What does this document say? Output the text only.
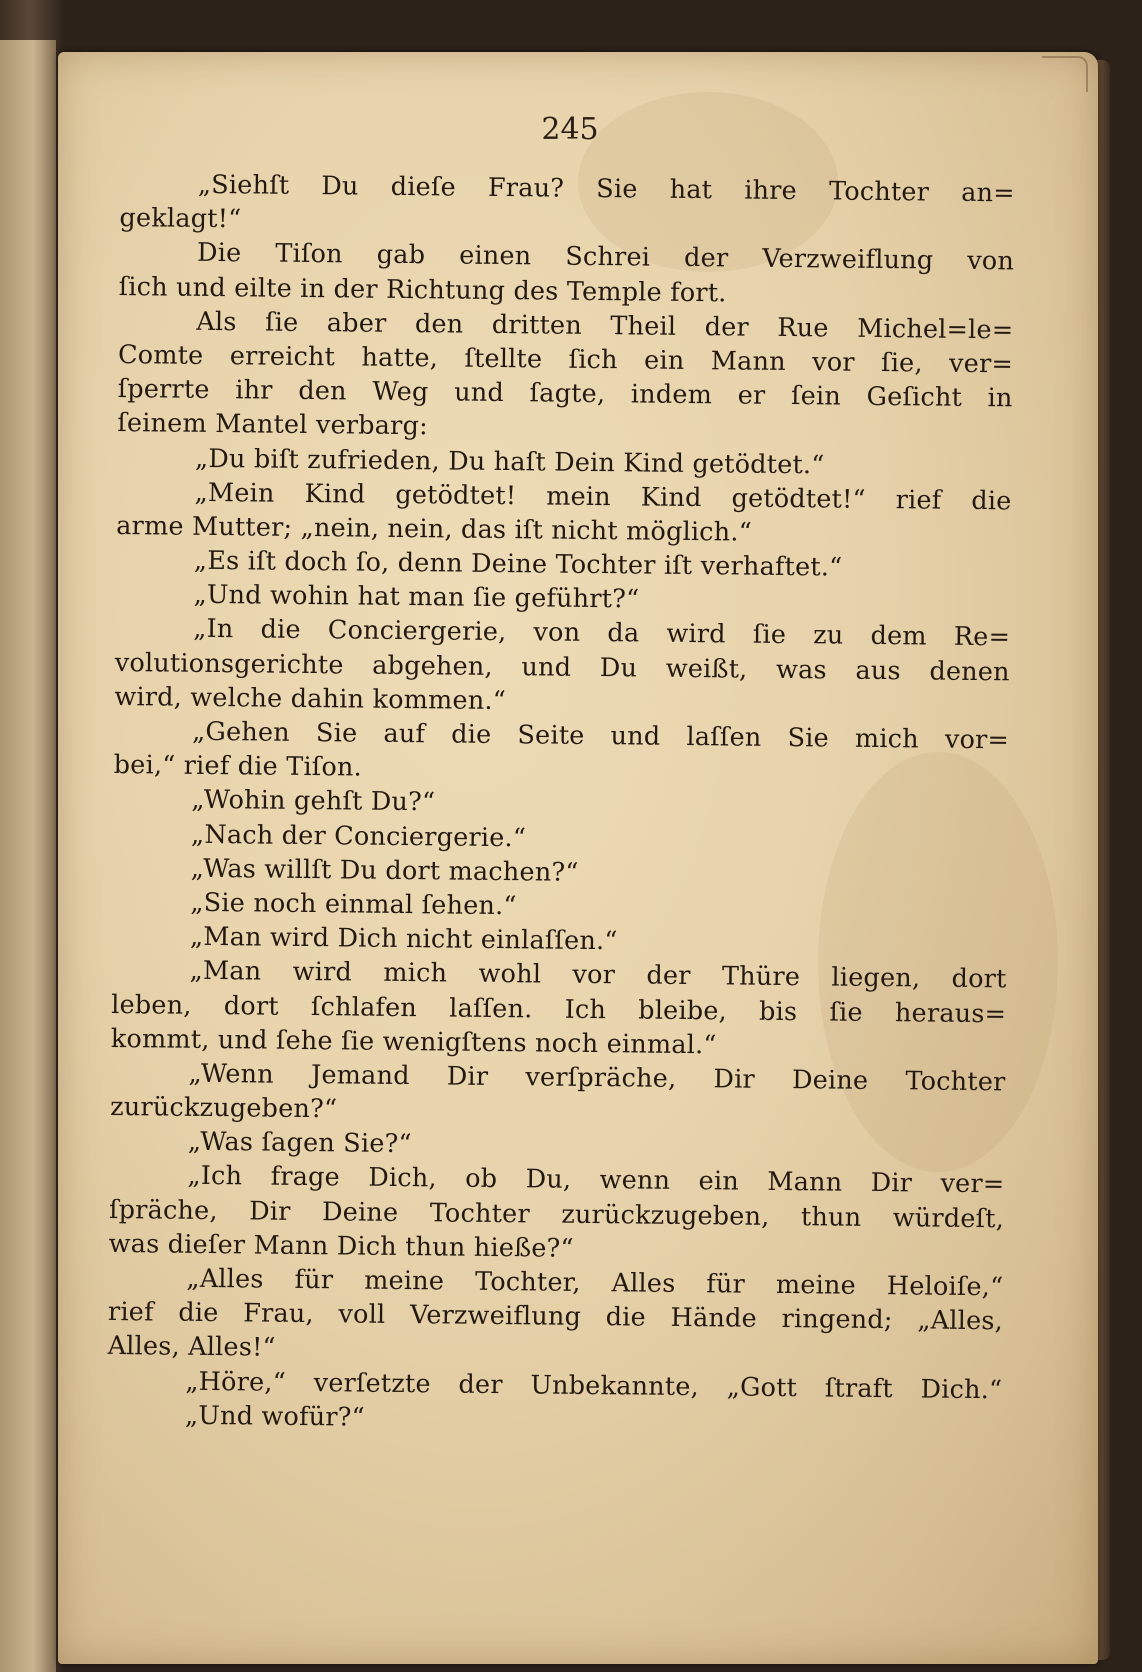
245
„Siehſt Du dieſe Frau? Sie hat ihre Tochter an=
geklagt!“
Die Tiſon gab einen Schrei der Verzweiflung von
ſich und eilte in der Richtung des Temple fort.
Als ſie aber den dritten Theil der Rue Michel=le=
Comte erreicht hatte, ſtellte ſich ein Mann vor ſie, ver=
ſperrte ihr den Weg und ſagte, indem er ſein Geſicht in
ſeinem Mantel verbarg:
„Du biſt zufrieden, Du haſt Dein Kind getödtet.“
„Mein Kind getödtet! mein Kind getödtet!“ rief die
arme Mutter; „nein, nein, das iſt nicht möglich.“
„Es iſt doch ſo, denn Deine Tochter iſt verhaftet.“
„Und wohin hat man ſie geführt?“
„In die Conciergerie, von da wird ſie zu dem Re=
volutionsgerichte abgehen, und Du weißt, was aus denen
wird, welche dahin kommen.“
„Gehen Sie auf die Seite und laſſen Sie mich vor=
bei,“ rief die Tiſon.
„Wohin gehſt Du?“
„Nach der Conciergerie.“
„Was willſt Du dort machen?“
„Sie noch einmal ſehen.“
„Man wird Dich nicht einlaſſen.“
„Man wird mich wohl vor der Thüre liegen, dort
leben, dort ſchlafen laſſen. Ich bleibe, bis ſie heraus=
kommt, und ſehe ſie wenigſtens noch einmal.“
„Wenn Jemand Dir verſpräche, Dir Deine Tochter
zurückzugeben?“
„Was ſagen Sie?“
„Ich frage Dich, ob Du, wenn ein Mann Dir ver=
ſpräche, Dir Deine Tochter zurückzugeben, thun würdeſt,
was dieſer Mann Dich thun hieße?“
„Alles für meine Tochter, Alles für meine Heloiſe,“
rief die Frau, voll Verzweiflung die Hände ringend; „Alles,
Alles, Alles!“
„Höre,“ verſetzte der Unbekannte, „Gott ſtraft Dich.“
„Und wofür?“
